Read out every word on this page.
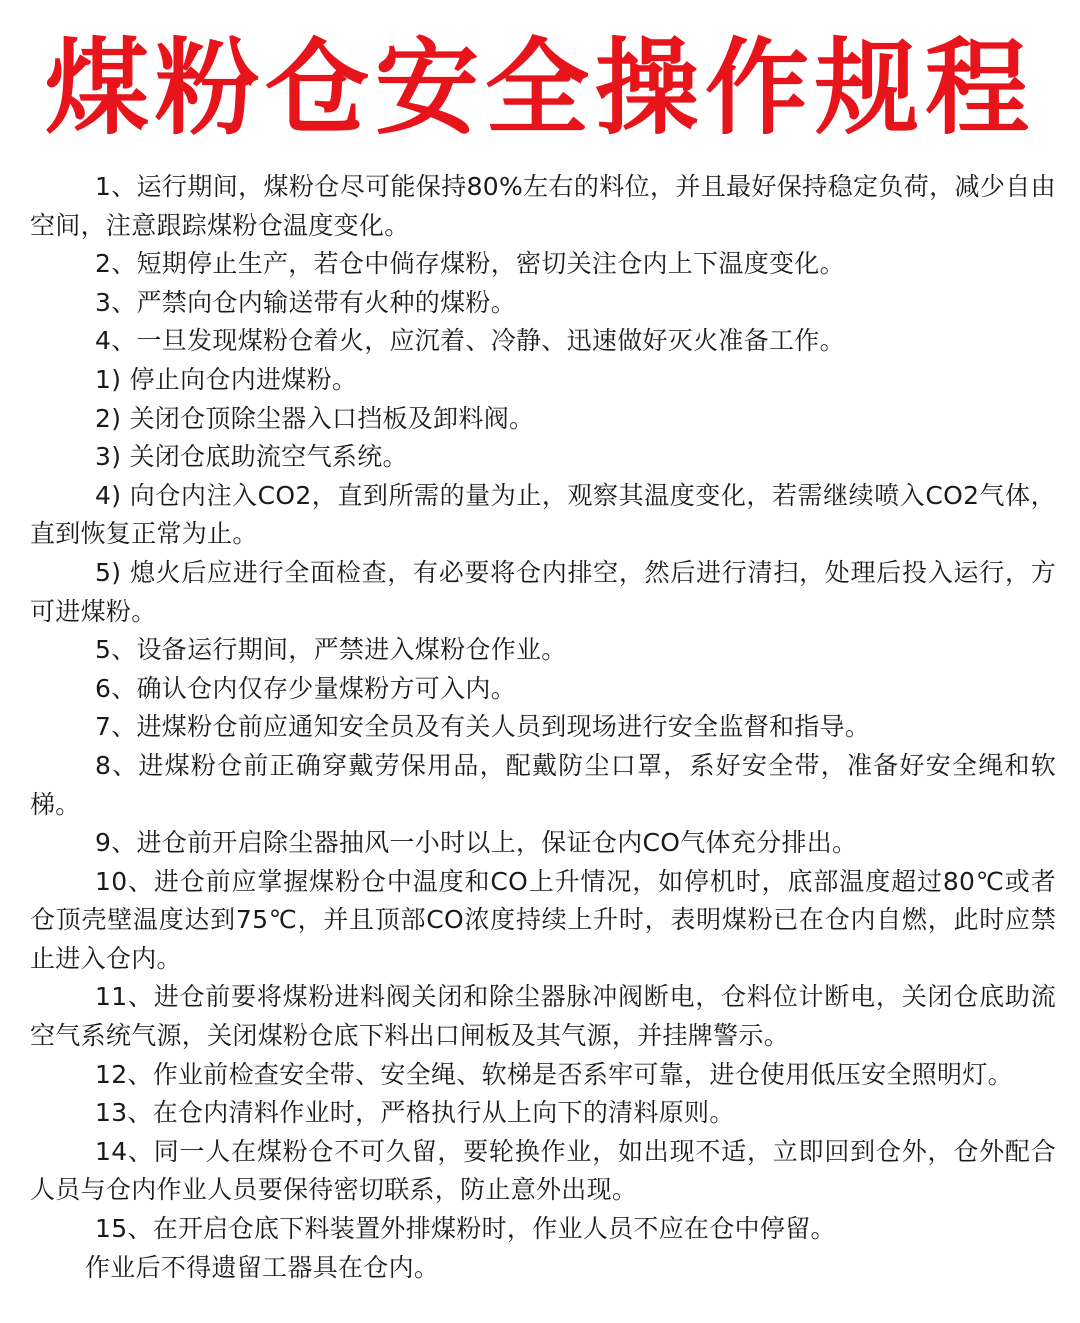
煤粉仓安全操作规程

1、运行期间，煤粉仓尽可能保持80%左右的料位，并且最好保持稳定负荷，减少自由空间，注意跟踪煤粉仓温度变化。

2、短期停止生产，若仓中倘存煤粉，密切关注仓内上下温度变化。

3、严禁向仓内输送带有火种的煤粉。

4、一旦发现煤粉仓着火，应沉着、冷静、迅速做好灭火准备工作。

1) 停止向仓内进煤粉。

2) 关闭仓顶除尘器入口挡板及卸料阀。

3) 关闭仓底助流空气系统。

4) 向仓内注入CO2，直到所需的量为止，观察其温度变化，若需继续喷入CO2气体，直到恢复正常为止。

5) 熄火后应进行全面检查，有必要将仓内排空，然后进行清扫，处理后投入运行，方可进煤粉。

5、设备运行期间，严禁进入煤粉仓作业。

6、确认仓内仅存少量煤粉方可入内。

7、进煤粉仓前应通知安全员及有关人员到现场进行安全监督和指导。

8、进煤粉仓前正确穿戴劳保用品，配戴防尘口罩，系好安全带，准备好安全绳和软梯。

9、进仓前开启除尘器抽风一小时以上，保证仓内CO气体充分排出。

10、进仓前应掌握煤粉仓中温度和CO上升情况，如停机时，底部温度超过80℃或者仓顶壳壁温度达到75℃，并且顶部CO浓度持续上升时，表明煤粉已在仓内自燃，此时应禁止进入仓内。

11、进仓前要将煤粉进料阀关闭和除尘器脉冲阀断电，仓料位计断电，关闭仓底助流空气系统气源，关闭煤粉仓底下料出口闸板及其气源，并挂牌警示。

12、作业前检查安全带、安全绳、软梯是否系牢可靠，进仓使用低压安全照明灯。

13、在仓内清料作业时，严格执行从上向下的清料原则。

14、同一人在煤粉仓不可久留，要轮换作业，如出现不适，立即回到仓外，仓外配合人员与仓内作业人员要保待密切联系，防止意外出现。

15、在开启仓底下料装置外排煤粉时，作业人员不应在仓中停留。

作业后不得遗留工器具在仓内。
